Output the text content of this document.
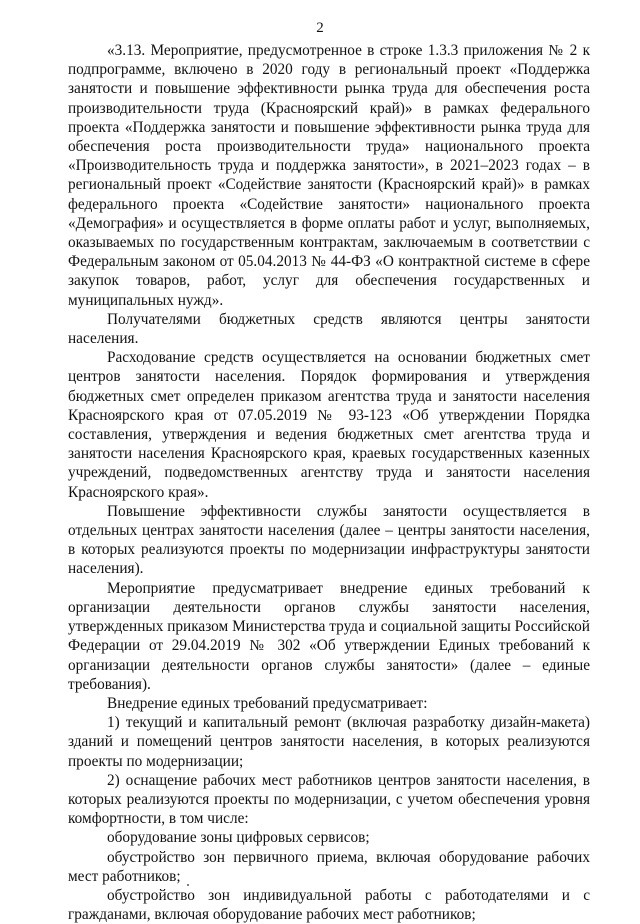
2

«3.13. Мероприятие, предусмотренное в строке 1.3.3 приложения № 2 к подпрограмме, включено в 2020 году в региональный проект «Поддержка занятости и повышение эффективности рынка труда для обеспечения роста производительности труда (Красноярский край)» в рамках федерального проекта «Поддержка занятости и повышение эффективности рынка труда для обеспечения роста производительности труда» национального проекта «Производительность труда и поддержка занятости», в 2021–2023 годах – в региональный проект «Содействие занятости (Красноярский край)» в рамках федерального проекта «Содействие занятости» национального проекта «Демография» и осуществляется в форме оплаты работ и услуг, выполняемых, оказываемых по государственным контрактам, заключаемым в соответствии с Федеральным законом от 05.04.2013 № 44-ФЗ «О контрактной системе в сфере закупок товаров, работ, услуг для обеспечения государственных и муниципальных нужд».

Получателями бюджетных средств являются центры занятости населения.

Расходование средств осуществляется на основании бюджетных смет центров занятости населения. Порядок формирования и утверждения бюджетных смет определен приказом агентства труда и занятости населения Красноярского края от 07.05.2019 № 93-123 «Об утверждении Порядка составления, утверждения и ведения бюджетных смет агентства труда и занятости населения Красноярского края, краевых государственных казенных учреждений, подведомственных агентству труда и занятости населения Красноярского края».

Повышение эффективности службы занятости осуществляется в отдельных центрах занятости населения (далее – центры занятости населения, в которых реализуются проекты по модернизации инфраструктуры занятости населения).

Мероприятие предусматривает внедрение единых требований к организации деятельности органов службы занятости населения, утвержденных приказом Министерства труда и социальной защиты Российской Федерации от 29.04.2019 № 302 «Об утверждении Единых требований к организации деятельности органов службы занятости» (далее – единые требования).

Внедрение единых требований предусматривает:

1) текущий и капитальный ремонт (включая разработку дизайн-макета) зданий и помещений центров занятости населения, в которых реализуются проекты по модернизации;

2) оснащение рабочих мест работников центров занятости населения, в которых реализуются проекты по модернизации, с учетом обеспечения уровня комфортности, в том числе:

оборудование зоны цифровых сервисов;

обустройство зон первичного приема, включая оборудование рабочих мест работников;

обустройство зон индивидуальной работы с работодателями и с гражданами, включая оборудование рабочих мест работников;
